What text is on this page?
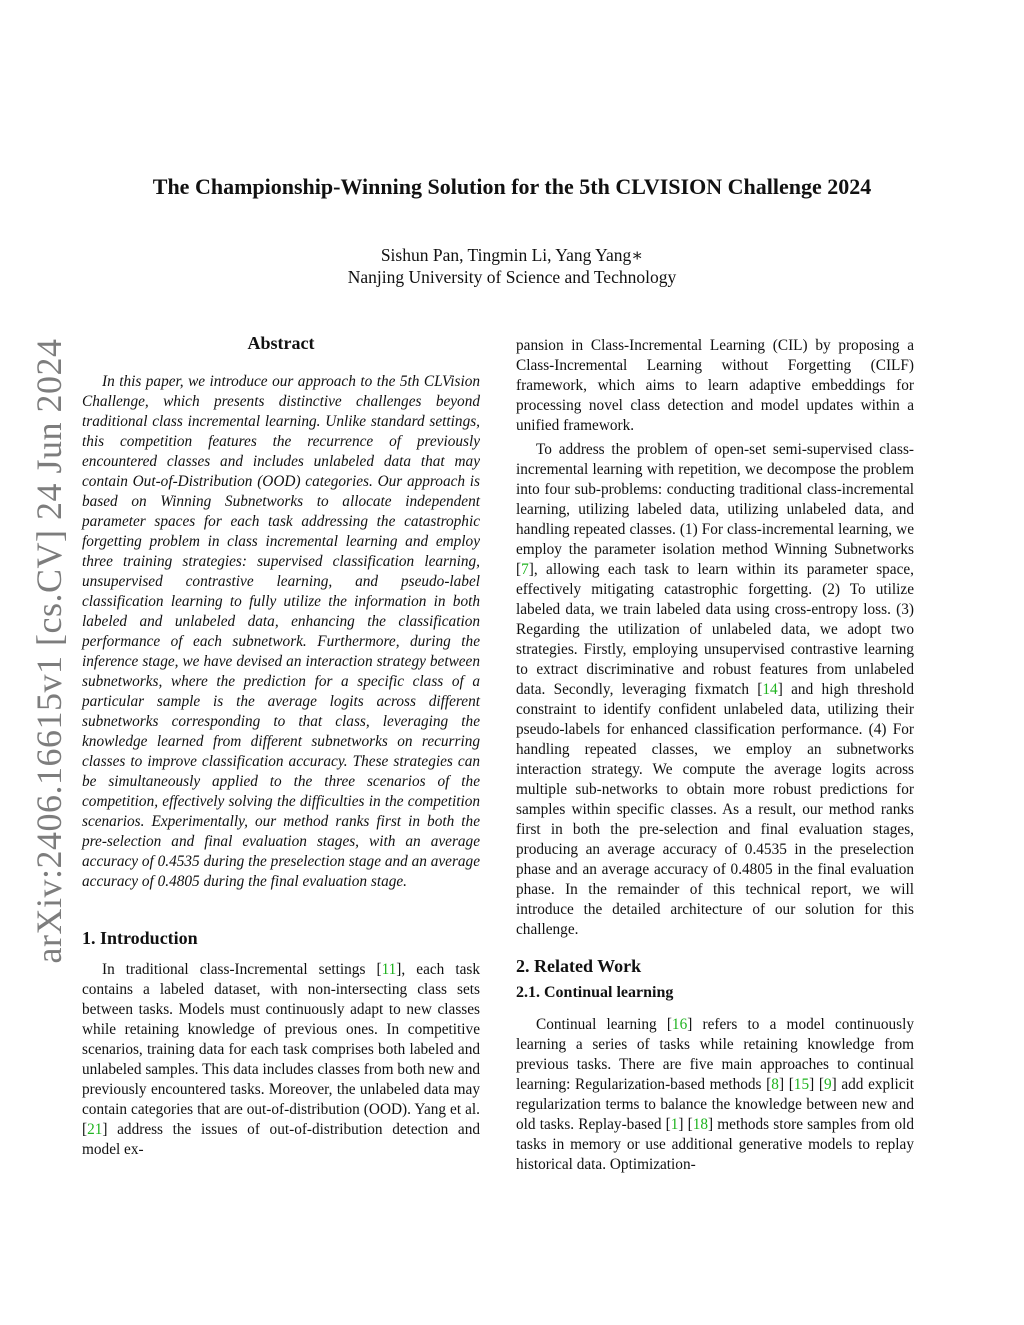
arXiv:2406.16615v1 [cs.CV] 24 Jun 2024
The Championship-Winning Solution for the 5th CLVISION Challenge 2024
Sishun Pan, Tingmin Li, Yang Yang∗
Nanjing University of Science and Technology
Abstract

In this paper, we introduce our approach to the 5th CLVision Challenge, which presents distinctive challenges beyond traditional class incremental learning. Unlike standard settings, this competition features the recurrence of previously encountered classes and includes unlabeled data that may contain Out-of-Distribution (OOD) categories. Our approach is based on Winning Subnetworks to allocate independent parameter spaces for each task addressing the catastrophic forgetting problem in class incremental learning and employ three training strategies: supervised classification learning, unsupervised contrastive learning, and pseudo-label classification learning to fully utilize the information in both labeled and unlabeled data, enhancing the classification performance of each subnetwork. Furthermore, during the inference stage, we have devised an interaction strategy between subnetworks, where the prediction for a specific class of a particular sample is the average logits across different subnetworks corresponding to that class, leveraging the knowledge learned from different subnetworks on recurring classes to improve classification accuracy. These strategies can be simultaneously applied to the three scenarios of the competition, effectively solving the difficulties in the competition scenarios. Experimentally, our method ranks first in both the pre-selection and final evaluation stages, with an average accuracy of 0.4535 during the preselection stage and an average accuracy of 0.4805 during the final evaluation stage.

1. Introduction

In traditional class-Incremental settings [11], each task contains a labeled dataset, with non-intersecting class sets between tasks. Models must continuously adapt to new classes while retaining knowledge of previous ones. In competitive scenarios, training data for each task comprises both labeled and unlabeled samples. This data includes classes from both new and previously encountered tasks. Moreover, the unlabeled data may contain categories that are out-of-distribution (OOD). Yang et al. [21] address the issues of out-of-distribution detection and model ex-

pansion in Class-Incremental Learning (CIL) by proposing a Class-Incremental Learning without Forgetting (CILF) framework, which aims to learn adaptive embeddings for processing novel class detection and model updates within a unified framework.

To address the problem of open-set semi-supervised class-incremental learning with repetition, we decompose the problem into four sub-problems: conducting traditional class-incremental learning, utilizing labeled data, utilizing unlabeled data, and handling repeated classes. (1) For class-incremental learning, we employ the parameter isolation method Winning Subnetworks [7], allowing each task to learn within its parameter space, effectively mitigating catastrophic forgetting. (2) To utilize labeled data, we train labeled data using cross-entropy loss. (3) Regarding the utilization of unlabeled data, we adopt two strategies. Firstly, employing unsupervised contrastive learning to extract discriminative and robust features from unlabeled data. Secondly, leveraging fixmatch [14] and high threshold constraint to identify confident unlabeled data, utilizing their pseudo-labels for enhanced classification performance. (4) For handling repeated classes, we employ an subnetworks interaction strategy. We compute the average logits across multiple sub-networks to obtain more robust predictions for samples within specific classes. As a result, our method ranks first in both the pre-selection and final evaluation stages, producing an average accuracy of 0.4535 in the preselection phase and an average accuracy of 0.4805 in the final evaluation phase. In the remainder of this technical report, we will introduce the detailed architecture of our solution for this challenge.

2. Related Work
2.1. Continual learning

Continual learning [16] refers to a model continuously learning a series of tasks while retaining knowledge from previous tasks. There are five main approaches to continual learning: Regularization-based methods [8] [15] [9] add explicit regularization terms to balance the knowledge between new and old tasks. Replay-based [1] [18] methods store samples from old tasks in memory or use additional generative models to replay historical data. Optimization-
